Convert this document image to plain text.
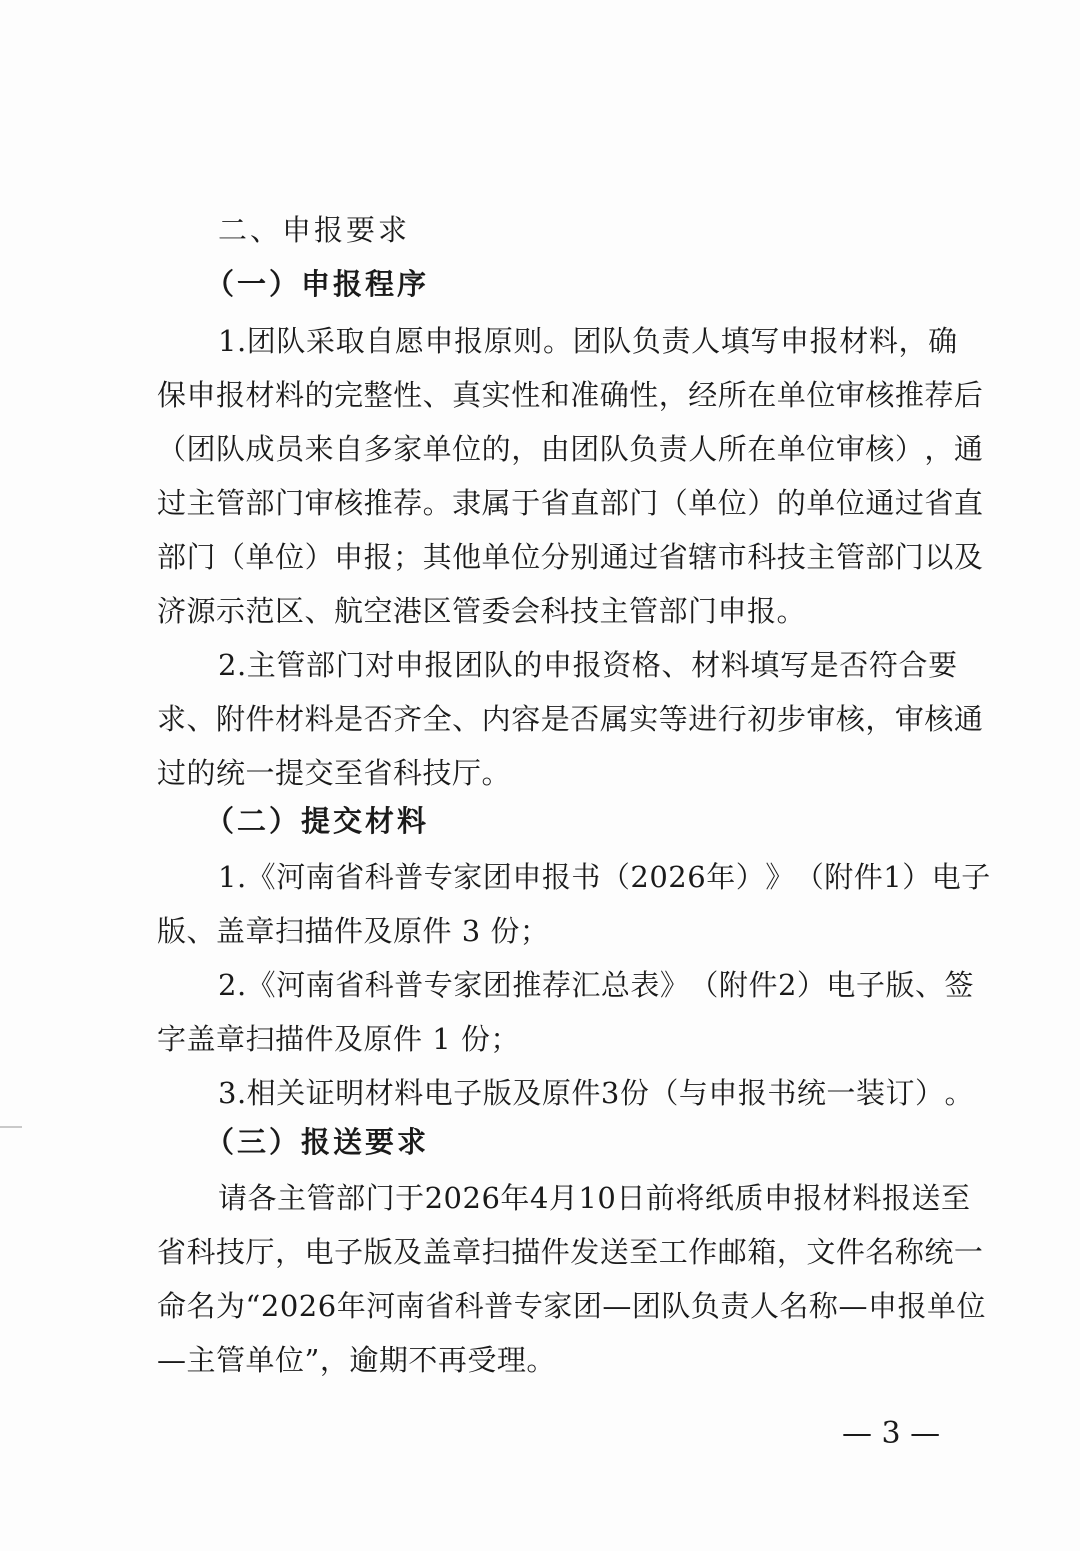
二、申报要求
（一）申报程序
1. 团 队 采 取 自 愿 申 报 原 则 。 团 队 负 责 人 填 写 申 报 材 料 ， 确
保 申 报 材 料 的 完 整 性 、 真 实 性 和 准 确 性 ， 经 所 在 单 位 审 核 推 荐 后
（ 团 队 成 员 来 自 多 家 单 位 的 ， 由 团 队 负 责 人 所 在 单 位 审 核 ） ， 通
过 主 管 部 门 审 核 推 荐 。 隶 属 于 省 直 部 门 （ 单 位 ） 的 单 位 通 过 省 直
部 门 （ 单 位 ） 申 报 ； 其 他 单 位 分 别 通 过 省 辖 市 科 技 主 管 部 门 以 及
济源示范区、航空港区管委会科技主管部门申报。
2. 主 管 部 门 对 申 报 团 队 的 申 报 资 格 、 材 料 填 写 是 否 符 合 要
求 、 附 件 材 料 是 否 齐 全 、 内 容 是 否 属 实 等 进 行 初 步 审 核 ， 审 核 通
过的统一提交至省科技厅。
（二）提交材料
1. 《 河 南 省 科 普 专 家 团 申 报 书 （ 2026 年 ） 》 （ 附 件 1 ） 电 子
版、盖章扫描件及原件 3 份；
2. 《 河 南 省 科 普 专 家 团 推 荐 汇 总 表 》 （ 附 件 2 ） 电 子 版 、 签
字盖章扫描件及原件 1 份；
3. 相 关 证 明 材 料 电 子 版 及 原 件 3 份 （ 与 申 报 书 统 一 装 订 ） 。
（三）报送要求
请 各 主 管 部 门 于 2026 年 4 月 10 日 前 将 纸 质 申 报 材 料 报 送 至
省 科 技 厅 ， 电 子 版 及 盖 章 扫 描 件 发 送 至 工 作 邮 箱 ， 文 件 名 称 统 一
命 名 为 “ 2026 年 河 南 省 科 普 专 家 团 — 团 队 负 责 人 名 称 — 申 报 单 位
—主管单位”，逾期不再受理。
— 3 —
